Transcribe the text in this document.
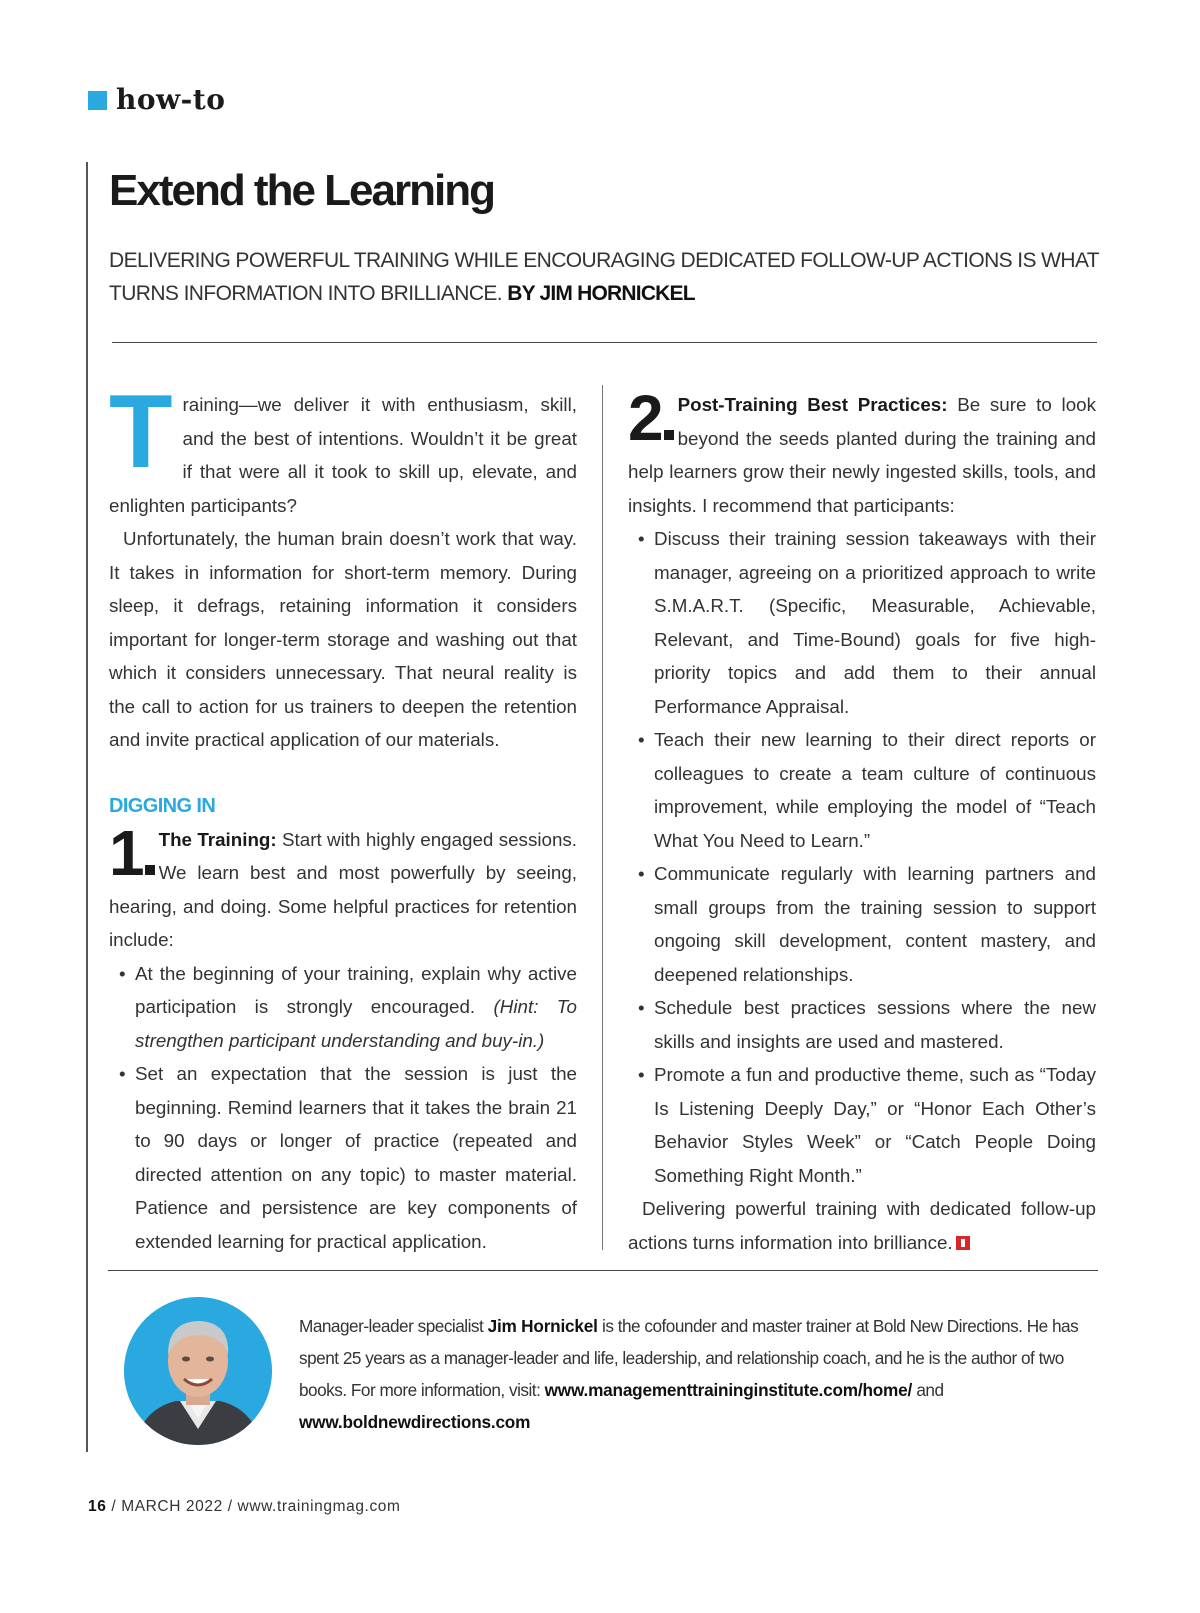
how-to
Extend the Learning
DELIVERING POWERFUL TRAINING WHILE ENCOURAGING DEDICATED FOLLOW-UP ACTIONS IS WHAT TURNS INFORMATION INTO BRILLIANCE. BY JIM HORNICKEL

Training—we deliver it with enthusiasm, skill, and the best of intentions. Wouldn’t it be great if that were all it took to skill up, elevate, and enlighten participants?

Unfortunately, the human brain doesn’t work that way. It takes in information for short-term memory. During sleep, it defrags, retaining information it considers important for longer-term storage and washing out that which it considers unnecessary. That neural reality is the call to action for us trainers to deepen the retention and invite practical application of our materials.

DIGGING IN

1 The Training: Start with highly engaged sessions. We learn best and most powerfully by seeing, hearing, and doing. Some helpful practices for retention include:

• At the beginning of your training, explain why active participation is strongly encouraged. (Hint: To strengthen participant understanding and buy-in.)
• Set an expectation that the session is just the beginning. Remind learners that it takes the brain 21 to 90 days or longer of practice (repeated and directed attention on any topic) to master material. Patience and persistence are key components of extended learning for practical application.

2 Post-Training Best Practices: Be sure to look beyond the seeds planted during the training and help learners grow their newly ingested skills, tools, and insights. I recommend that participants:

• Discuss their training session takeaways with their manager, agreeing on a prioritized approach to write S.M.A.R.T. (Specific, Measurable, Achievable, Relevant, and Time-Bound) goals for five high-priority topics and add them to their annual Performance Appraisal.
• Teach their new learning to their direct reports or colleagues to create a team culture of continuous improvement, while employing the model of “Teach What You Need to Learn.”
• Communicate regularly with learning partners and small groups from the training session to support ongoing skill development, content mastery, and deepened relationships.
• Schedule best practices sessions where the new skills and insights are used and mastered.
• Promote a fun and productive theme, such as “Today Is Listening Deeply Day,” or “Honor Each Other’s Behavior Styles Week” or “Catch People Doing Something Right Month.”

Delivering powerful training with dedicated follow-up actions turns information into brilliance.

Manager-leader specialist Jim Hornickel is the cofounder and master trainer at Bold New Directions. He has spent 25 years as a manager-leader and life, leadership, and relationship coach, and he is the author of two books. For more information, visit: www.managementtraininginstitute.com/home/ and www.boldnewdirections.com
16 / MARCH 2022 / www.trainingmag.com
